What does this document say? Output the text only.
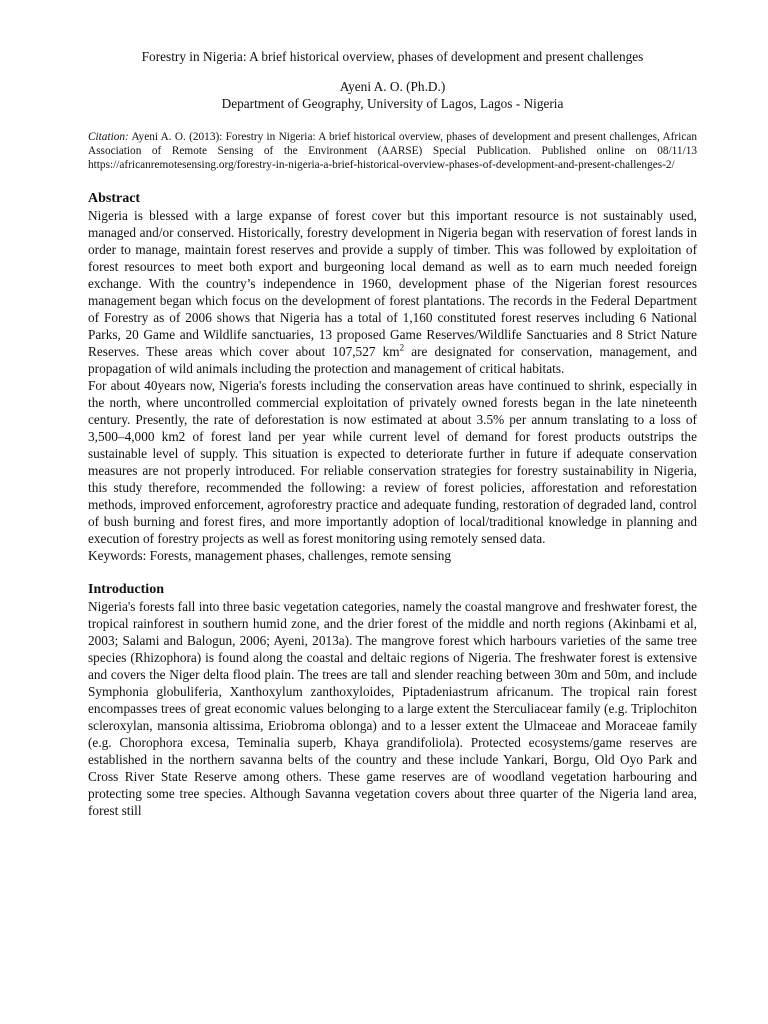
Forestry in Nigeria: A brief historical overview, phases of development and present challenges

Ayeni A. O. (Ph.D.)

Department of Geography, University of Lagos, Lagos - Nigeria

Citation: Ayeni A. O. (2013): Forestry in Nigeria: A brief historical overview, phases of development and present challenges, African Association of Remote Sensing of the Environment (AARSE) Special Publication. Published online on 08/11/13 https://africanremotesensing.org/forestry-in-nigeria-a-brief-historical-overview-phases-of-development-and-present-challenges-2/

Abstract

Nigeria is blessed with a large expanse of forest cover but this important resource is not sustainably used, managed and/or conserved. Historically, forestry development in Nigeria began with reservation of forest lands in order to manage, maintain forest reserves and provide a supply of timber. This was followed by exploitation of forest resources to meet both export and burgeoning local demand as well as to earn much needed foreign exchange. With the country’s independence in 1960, development phase of the Nigerian forest resources management began which focus on the development of forest plantations. The records in the Federal Department of Forestry as of 2006 shows that Nigeria has a total of 1,160 constituted forest reserves including 6 National Parks, 20 Game and Wildlife sanctuaries, 13 proposed Game Reserves/Wildlife Sanctuaries and 8 Strict Nature Reserves. These areas which cover about 107,527 $km^2$ are designated for conservation, management, and propagation of wild animals including the protection and management of critical habitats.

For about 40years now, Nigeria's forests including the conservation areas have continued to shrink, especially in the north, where uncontrolled commercial exploitation of privately owned forests began in the late nineteenth century. Presently, the rate of deforestation is now estimated at about 3.5% per annum translating to a loss of 3,500–4,000 km2 of forest land per year while current level of demand for forest products outstrips the sustainable level of supply. This situation is expected to deteriorate further in future if adequate conservation measures are not properly introduced. For reliable conservation strategies for forestry sustainability in Nigeria, this study therefore, recommended the following: a review of forest policies, afforestation and reforestation methods, improved enforcement, agroforestry practice and adequate funding, restoration of degraded land, control of bush burning and forest fires, and more importantly adoption of local/traditional knowledge in planning and execution of forestry projects as well as forest monitoring using remotely sensed data.

Keywords: Forests, management phases, challenges, remote sensing

Introduction

Nigeria's forests fall into three basic vegetation categories, namely the coastal mangrove and freshwater forest, the tropical rainforest in southern humid zone, and the drier forest of the middle and north regions (Akinbami et al, 2003; Salami and Balogun, 2006; Ayeni, 2013a). The mangrove forest which harbours varieties of the same tree species (Rhizophora) is found along the coastal and deltaic regions of Nigeria. The freshwater forest is extensive and covers the Niger delta flood plain. The trees are tall and slender reaching between 30m and 50m, and include Symphonia globuliferia, Xanthoxylum zanthoxyloides, Piptadeniastrum africanum. The tropical rain forest encompasses trees of great economic values belonging to a large extent the Sterculiacear family (e.g. Triplochiton scleroxylan, mansonia altissima, Eriobroma oblonga) and to a lesser extent the Ulmaceae and Moraceae family (e.g. Chorophora excesa, Teminalia superb, Khaya grandifoliola). Protected ecosystems/game reserves are established in the northern savanna belts of the country and these include Yankari, Borgu, Old Oyo Park and Cross River State Reserve among others. These game reserves are of woodland vegetation harbouring and protecting some tree species. Although Savanna vegetation covers about three quarter of the Nigeria land area, forest still
